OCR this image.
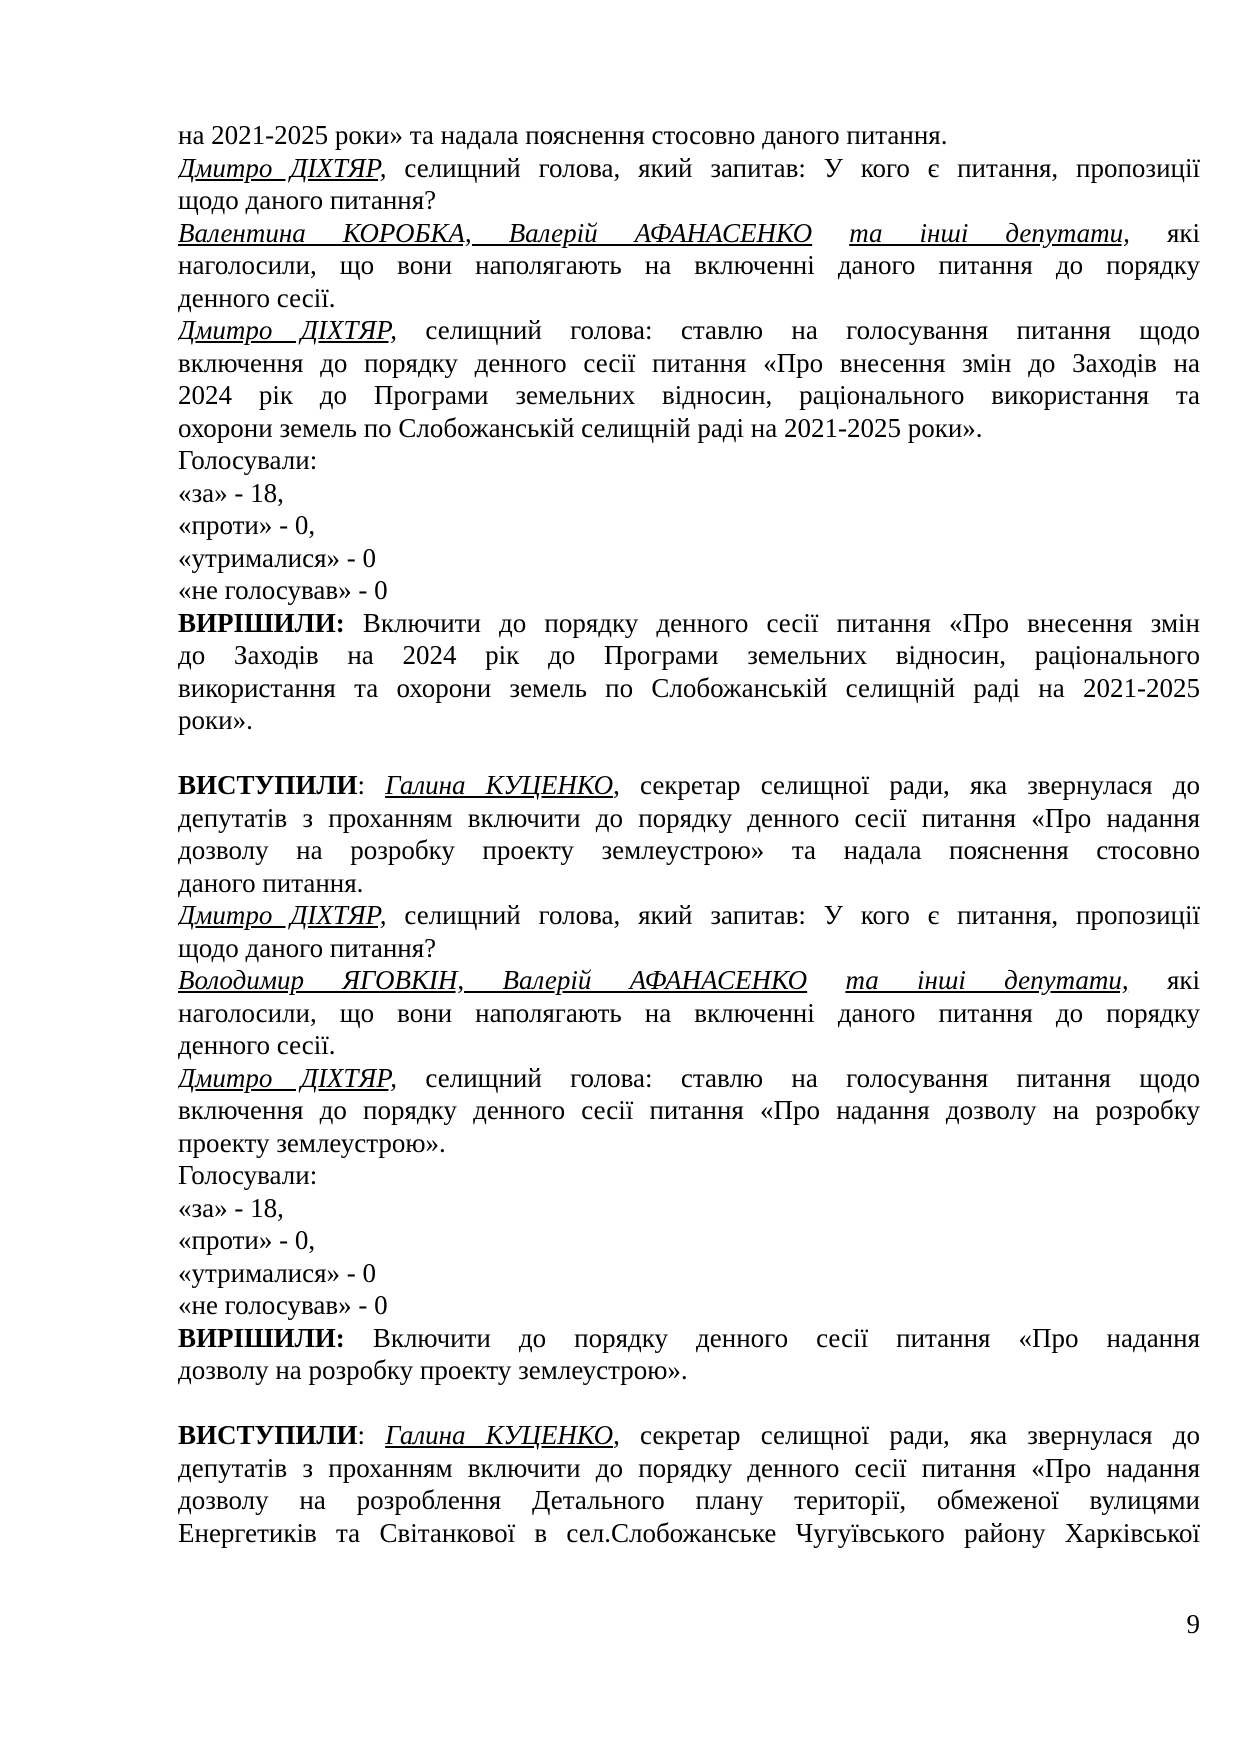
на 2021-2025 роки» та надала пояснення стосовно даного питання.
Дмитро ДІХТЯР, селищний голова, який запитав: У кого є питання, пропозиції
щодо даного питання?
Валентина КОРОБКА, Валерій АФАНАСЕНКО та інші депутати, які
наголосили, що вони наполягають на включенні даного питання до порядку
денного сесії.
Дмитро ДІХТЯР, селищний голова: ставлю на голосування питання щодо
включення до порядку денного сесії питання «Про внесення змін до Заходів на
2024 рік до Програми земельних відносин, раціонального використання та
охорони земель по Слобожанській селищній раді на 2021-2025 роки».
Голосували:
«за» - 18,
«проти» - 0,
«утрималися» - 0
«не голосував» - 0
ВИРІШИЛИ: Включити до порядку денного сесії питання «Про внесення змін
до Заходів на 2024 рік до Програми земельних відносин, раціонального
використання та охорони земель по Слобожанській селищній раді на 2021-2025
роки».
ВИСТУПИЛИ: Галина КУЦЕНКО, секретар селищної ради, яка звернулася до
депутатів з проханням включити до порядку денного сесії питання «Про надання
дозволу на розробку проекту землеустрою» та надала пояснення стосовно
даного питання.
Дмитро ДІХТЯР, селищний голова, який запитав: У кого є питання, пропозиції
щодо даного питання?
Володимир ЯГОВКІН, Валерій АФАНАСЕНКО та інші депутати, які
наголосили, що вони наполягають на включенні даного питання до порядку
денного сесії.
Дмитро ДІХТЯР, селищний голова: ставлю на голосування питання щодо
включення до порядку денного сесії питання «Про надання дозволу на розробку
проекту землеустрою».
Голосували:
«за» - 18,
«проти» - 0,
«утрималися» - 0
«не голосував» - 0
ВИРІШИЛИ: Включити до порядку денного сесії питання «Про надання
дозволу на розробку проекту землеустрою».
ВИСТУПИЛИ: Галина КУЦЕНКО, секретар селищної ради, яка звернулася до
депутатів з проханням включити до порядку денного сесії питання «Про надання
дозволу на розроблення Детального плану території, обмеженої вулицями
Енергетиків та Світанкової в сел.Слобожанське Чугуївського району Харківської
9
